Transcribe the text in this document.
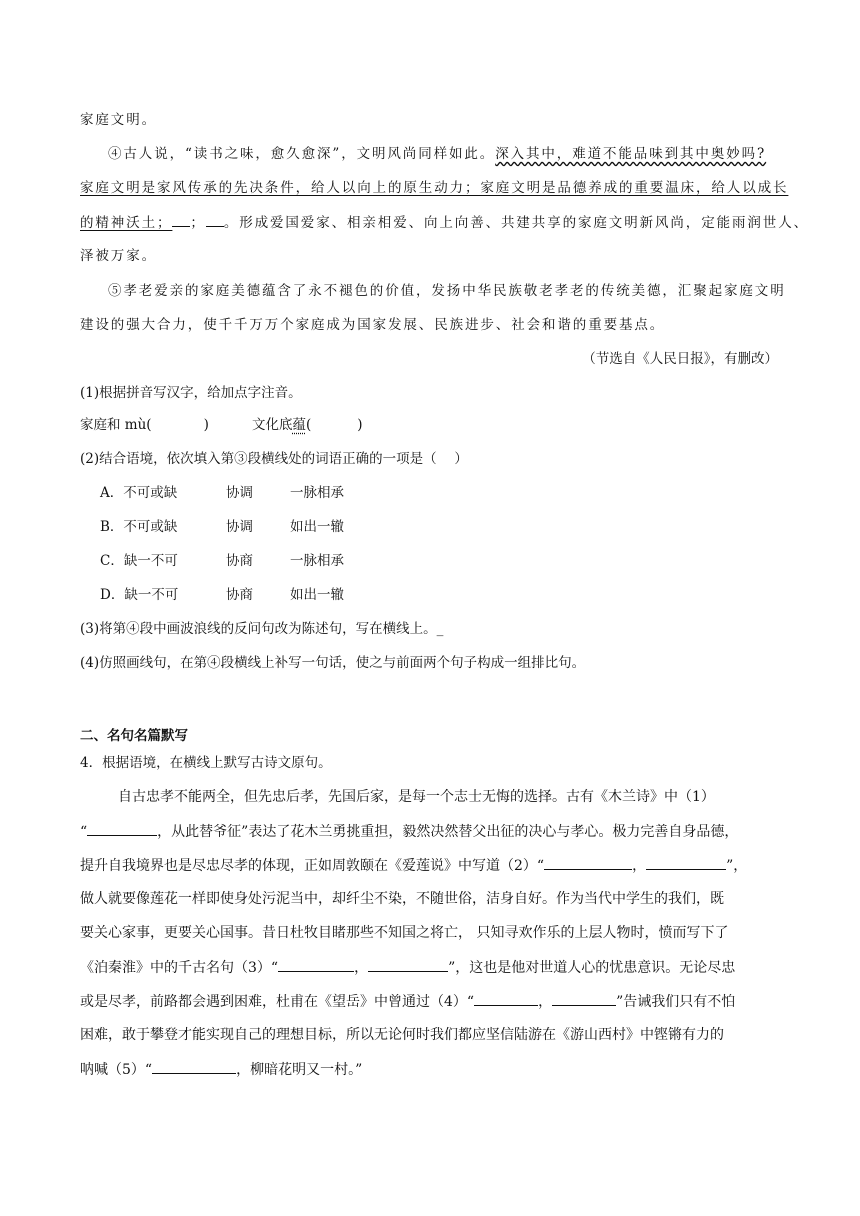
家庭文明。
④古人说，“读书之味，愈久愈深”，文明风尚同样如此。深入其中，难道不能品味到其中奥妙吗?
家庭文明是家风传承的先决条件，给人以向上的原生动力；家庭文明是品德养成的重要温床，给人以成长
的精神沃土； ； 。形成爱国爱家、相亲相爱、向上向善、共建共享的家庭文明新风尚，定能雨润世人、
泽被万家。
⑤孝老爱亲的家庭美德蕴含了永不褪色的价值，发扬中华民族敬老孝老的传统美德，汇聚起家庭文明
建设的强大合力，使千千万万个家庭成为国家发展、民族进步、社会和谐的重要基点。
（节选自《人民日报》，有删改）
(1)根据拼音写汉字，给加点字注音。
家庭和 mù(	)	文化底蕴(	)
(2)结合语境，依次填入第③段横线处的词语正确的一项是（　 ）
A．不可或缺	协调	一脉相承
B．不可或缺	协调	如出一辙
C．缺一不可	协商	一脉相承
D．缺一不可	协商	如出一辙
(3)将第④段中画波浪线的反问句改为陈述句，写在横线上。_
(4)仿照画线句，在第④段横线上补写一句话，使之与前面两个句子构成一组排比句。
二、名句名篇默写
4．根据语境，在横线上默写古诗文原句。
自古忠孝不能两全，但先忠后孝，先国后家，是每一个志士无悔的选择。古有《木兰诗》中（1）
“	，从此替爷征”表达了花木兰勇挑重担，毅然决然替父出征的决心与孝心。极力完善自身品德，
提升自我境界也是尽忠尽孝的体现，正如周敦颐在《爱莲说》中写道（2）“	，	”，
做人就要像莲花一样即使身处污泥当中，却纤尘不染，不随世俗，洁身自好。作为当代中学生的我们，既
要关心家事，更要关心国事。昔日杜牧目睹那些不知国之将亡， 只知寻欢作乐的上层人物时，愤而写下了
《泊秦淮》中的千古名句（3）“	，	”，这也是他对世道人心的忧患意识。无论尽忠
或是尽孝，前路都会遇到困难，杜甫在《望岳》中曾通过（4）“	，	”告诫我们只有不怕
困难，敢于攀登才能实现自己的理想目标，所以无论何时我们都应坚信陆游在《游山西村》中铿锵有力的
呐喊（5）“	，柳暗花明又一村。”
